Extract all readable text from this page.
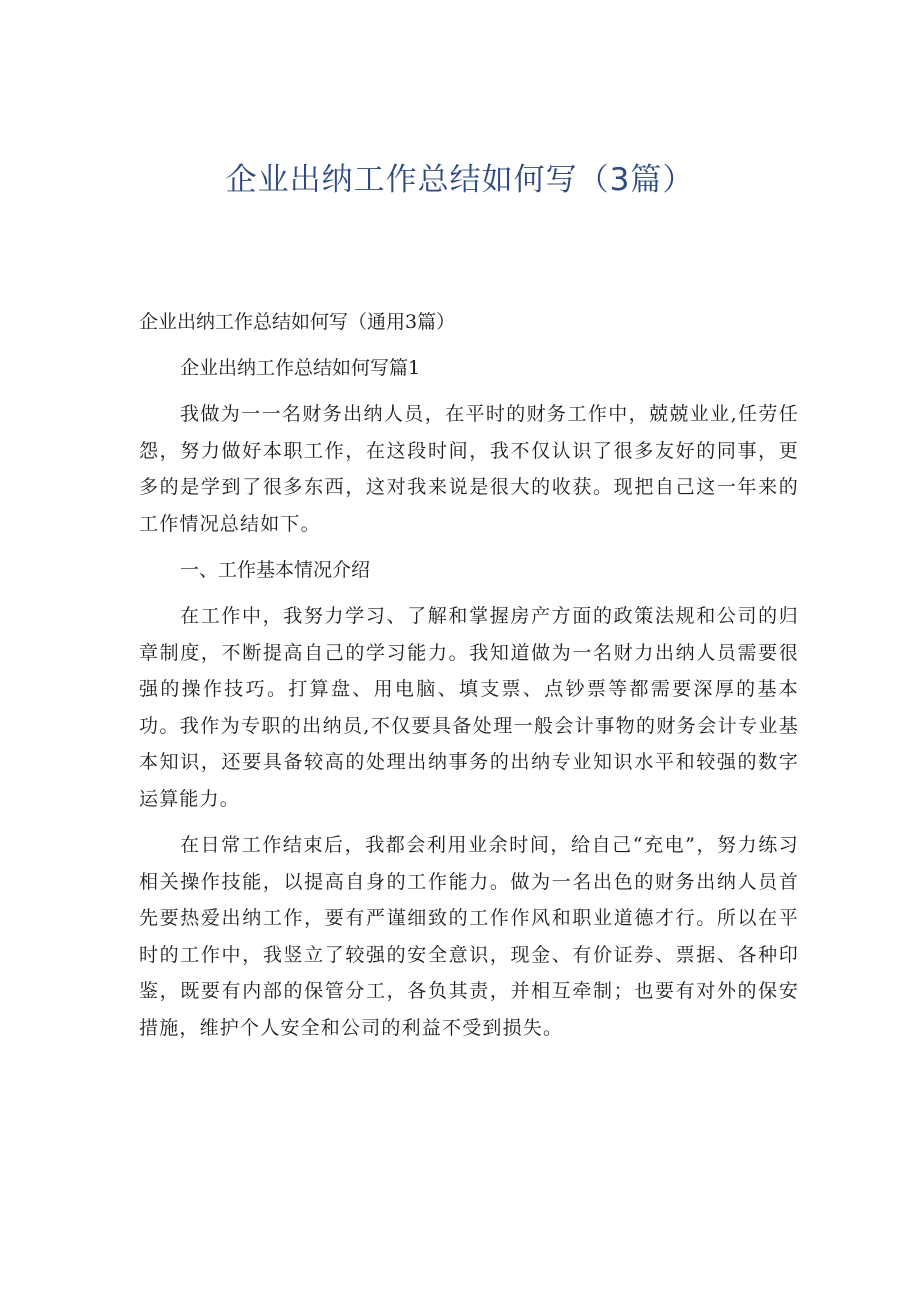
企业出纳工作总结如何写（3篇）

企业出纳工作总结如何写（通用3篇）

企业出纳工作总结如何写篇1

我做为一一名财务出纳人员，在平时的财务工作中，兢兢业业,任劳任怨，努力做好本职工作，在这段时间，我不仅认识了很多友好的同事，更多的是学到了很多东西，这对我来说是很大的收获。现把自己这一年来的工作情况总结如下。

一、工作基本情况介绍

在工作中，我努力学习、了解和掌握房产方面的政策法规和公司的归章制度，不断提高自己的学习能力。我知道做为一名财力出纳人员需要很强的操作技巧。打算盘、用电脑、填支票、点钞票等都需要深厚的基本功。我作为专职的出纳员,不仅要具备处理一般会计事物的财务会计专业基本知识，还要具备较高的处理出纳事务的出纳专业知识水平和较强的数字运算能力。

在日常工作结束后，我都会利用业余时间，给自己“充电”，努力练习相关操作技能，以提高自身的工作能力。做为一名出色的财务出纳人员首先要热爱出纳工作，要有严谨细致的工作作风和职业道德才行。所以在平时的工作中，我竖立了较强的安全意识，现金、有价证券、票据、各种印鉴，既要有内部的保管分工，各负其责，并相互牵制；也要有对外的保安措施，维护个人安全和公司的利益不受到损失。
